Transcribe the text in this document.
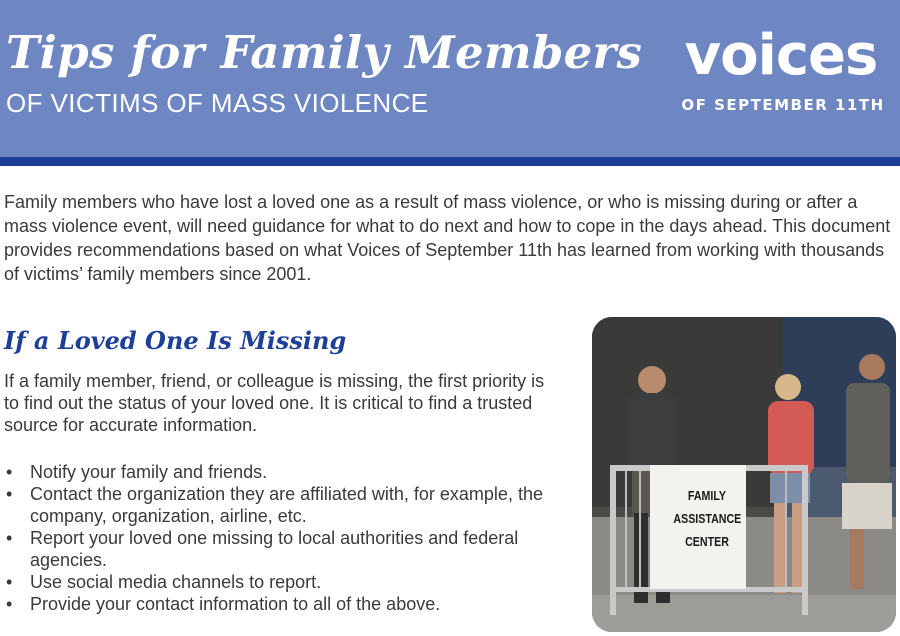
Tips for Family Members
OF VICTIMS OF MASS VIOLENCE
voices
OF SEPTEMBER 11TH

Family members who have lost a loved one as a result of mass violence, or who is missing during or after a mass violence event, will need guidance for what to do next and how to cope in the days ahead. This document provides recommendations based on what Voices of September 11th has learned from working with thousands of victims’ family members since 2001.

If a Loved One Is Missing

If a family member, friend, or colleague is missing, the first priority is to find out the status of your loved one. It is critical to find a trusted source for accurate information.

• Notify your family and friends.
• Contact the organization they are affiliated with, for example, the company, organization, airline, etc.
• Report your loved one missing to local authorities and federal agencies.
• Use social media channels to report.
• Provide your contact information to all of the above.
FAMILY
ASSISTANCE
CENTER
